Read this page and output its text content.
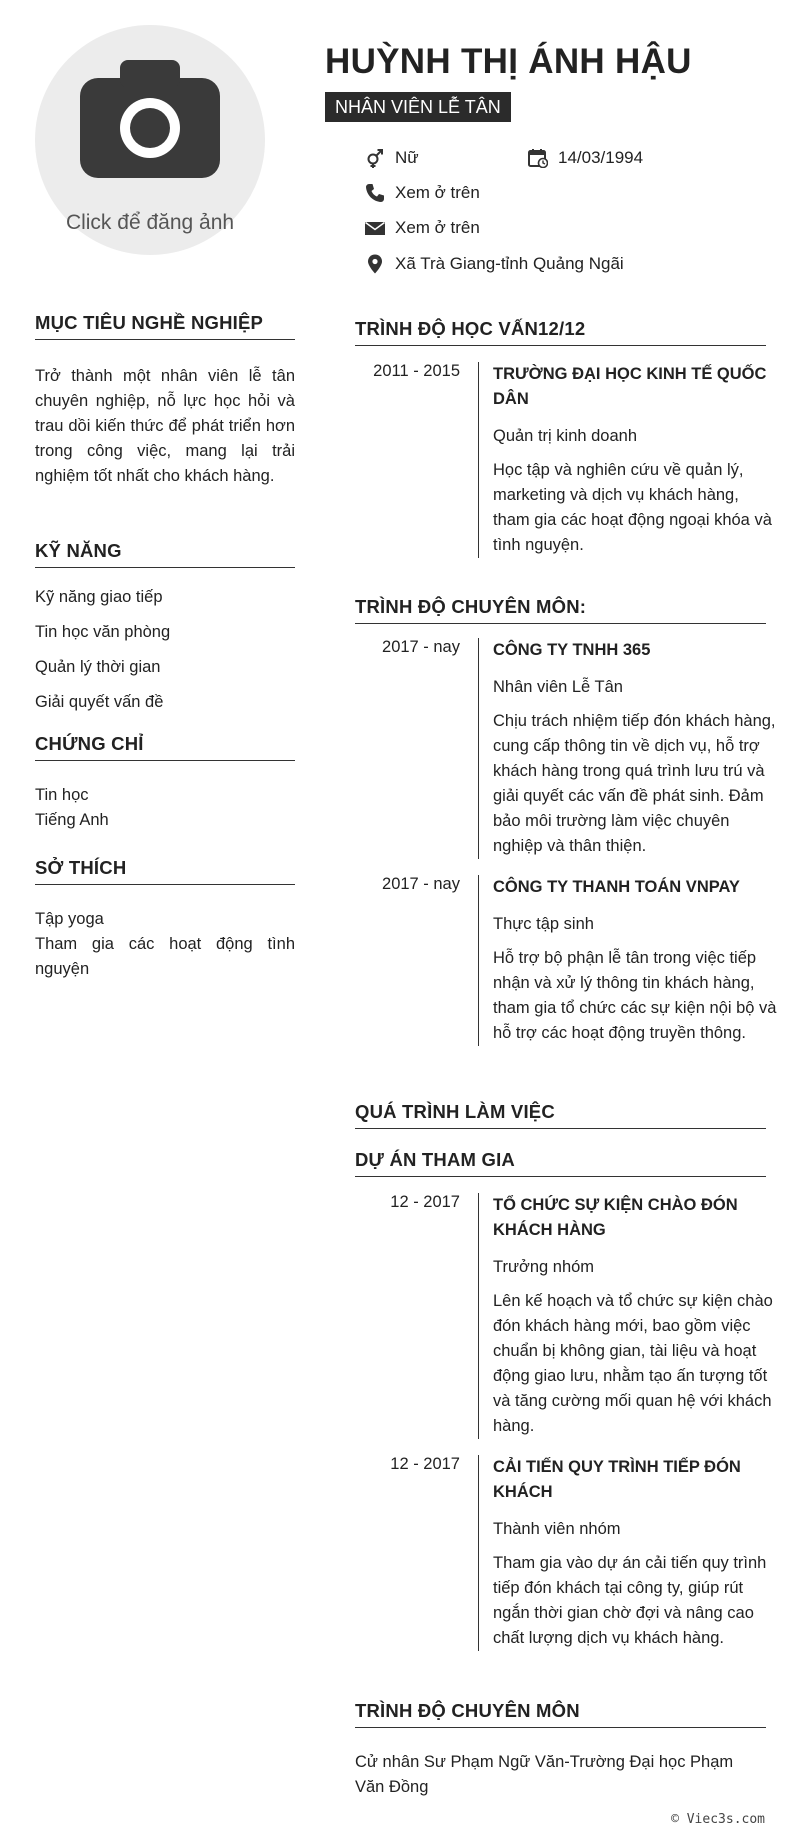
Click để đăng ảnh
HUỲNH THỊ ÁNH HẬU
NHÂN VIÊN LỄ TÂN
Nữ	14/03/1994
Xem ở trên
Xem ở trên
Xã Trà Giang-tỉnh Quảng Ngãi
MỤC TIÊU NGHỀ NGHIỆP
Trở thành một nhân viên lễ tân chuyên nghiệp, nỗ lực học hỏi và trau dồi kiến thức để phát triển hơn trong công việc, mang lại trải nghiệm tốt nhất cho khách hàng.
KỸ NĂNG
Kỹ năng giao tiếp
Tin học văn phòng
Quản lý thời gian
Giải quyết vấn đề
CHỨNG CHỈ
Tin học
Tiếng Anh
SỞ THÍCH
Tập yoga
Tham gia các hoạt động tình nguyện
TRÌNH ĐỘ HỌC VẤN12/12
2011 - 2015 TRƯỜNG ĐẠI HỌC KINH TẾ QUỐC DÂN
Quản trị kinh doanh
Học tập và nghiên cứu về quản lý, marketing và dịch vụ khách hàng, tham gia các hoạt động ngoại khóa và tình nguyện.
TRÌNH ĐỘ CHUYÊN MÔN:
2017 - nay CÔNG TY TNHH 365
Nhân viên Lễ Tân
Chịu trách nhiệm tiếp đón khách hàng, cung cấp thông tin về dịch vụ, hỗ trợ khách hàng trong quá trình lưu trú và giải quyết các vấn đề phát sinh. Đảm bảo môi trường làm việc chuyên nghiệp và thân thiện.
2017 - nay CÔNG TY THANH TOÁN VNPAY
Thực tập sinh
Hỗ trợ bộ phận lễ tân trong việc tiếp nhận và xử lý thông tin khách hàng, tham gia tổ chức các sự kiện nội bộ và hỗ trợ các hoạt động truyền thông.
QUÁ TRÌNH LÀM VIỆC
DỰ ÁN THAM GIA
12 - 2017 TỔ CHỨC SỰ KIỆN CHÀO ĐÓN KHÁCH HÀNG
Trưởng nhóm
Lên kế hoạch và tổ chức sự kiện chào đón khách hàng mới, bao gồm việc chuẩn bị không gian, tài liệu và hoạt động giao lưu, nhằm tạo ấn tượng tốt và tăng cường mối quan hệ với khách hàng.
12 - 2017 CẢI TIẾN QUY TRÌNH TIẾP ĐÓN KHÁCH
Thành viên nhóm
Tham gia vào dự án cải tiến quy trình tiếp đón khách tại công ty, giúp rút ngắn thời gian chờ đợi và nâng cao chất lượng dịch vụ khách hàng.
TRÌNH ĐỘ CHUYÊN MÔN
Cử nhân Sư Phạm Ngữ Văn-Trường Đại học Phạm Văn Đồng
© Viec3s.com
